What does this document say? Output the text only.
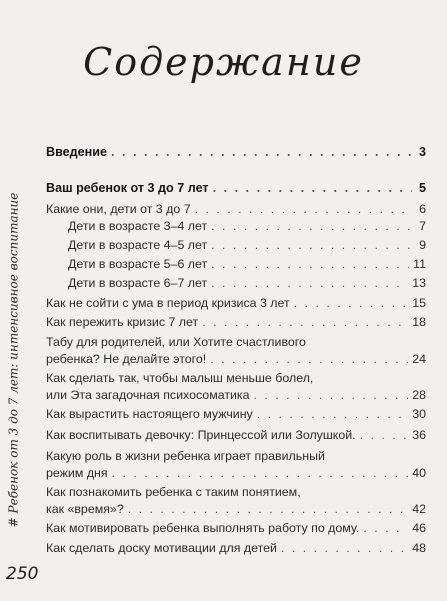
Содержание
# Ребенок от 3 до 7 лет: интенсивное воспитание
Введение . . .	3
Ваш ребенок от 3 до 7 лет . . .	5
Какие они, дети от 3 до 7 . . .	6
Дети в возрасте 3–4 лет . . .	7
Дети в возрасте 4–5 лет . . .	9
Дети в возрасте 5–6 лет . . .	11
Дети в возрасте 6–7 лет . . .	13
Как не сойти с ума в период кризиса 3 лет . . .	15
Как пережить кризис 7 лет . . .	18
Табу для родителей, или Хотите счастливого
ребенка? Не делайте этого! . . .	24
Как сделать так, чтобы малыш меньше болел,
или Эта загадочная психосоматика . . .	28
Как вырастить настоящего мужчину . . .	30
Как воспитывать девочку: Принцессой или Золушкой. . . .	36
Какую роль в жизни ребенка играет правильный
режим дня . . .	40
Как познакомить ребенка с таким понятием,
как «время»? . . .	42
Как мотивировать ребенка выполнять работу по дому. . . .	46
Как сделать доску мотивации для детей . . .	48
250
